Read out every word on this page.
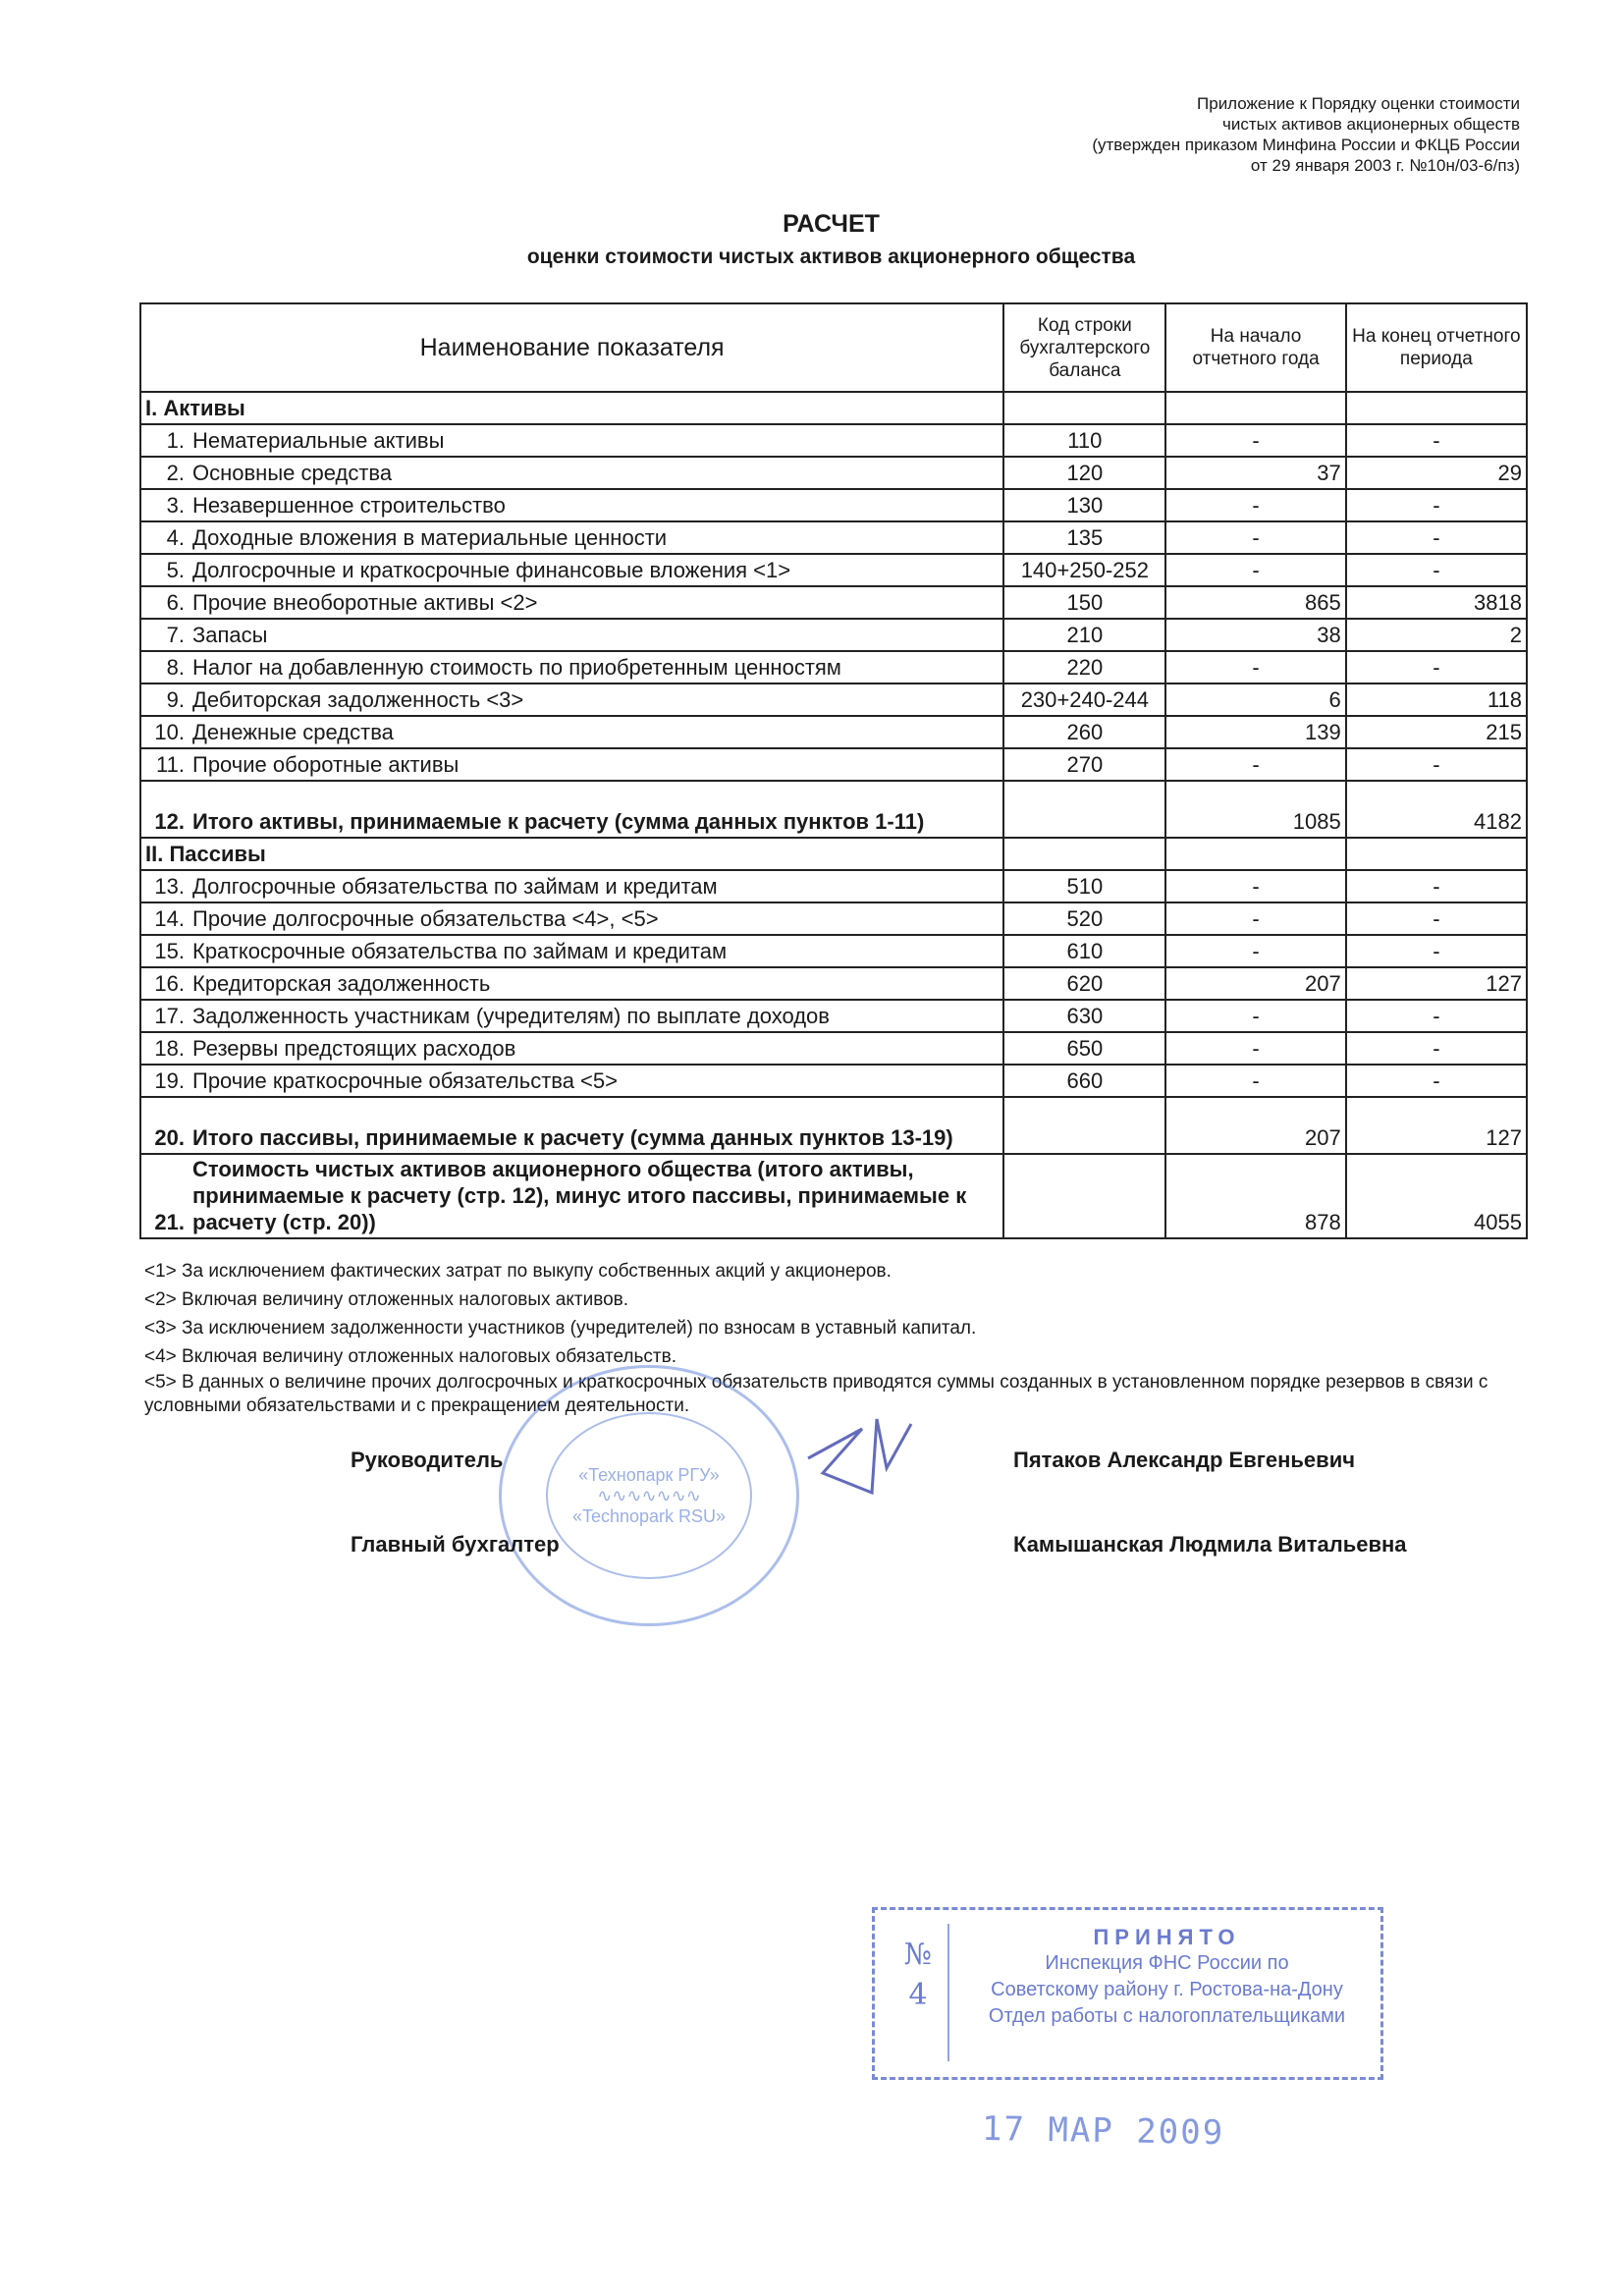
Приложение к Порядку оценки стоимости
чистых активов акционерных обществ
(утвержден приказом Минфина России и ФКЦБ России
от 29 января 2003 г. №10н/03-6/пз)
РАСЧЕТ
оценки стоимости чистых активов акционерного общества
Наименование показателя	Код строки бухгалтерского баланса	На начало отчетного года	На конец отчетного периода
I. Активы			
1. Нематериальные активы	110	-	-
2. Основные средства	120	37	29
3. Незавершенное строительство	130	-	-
4. Доходные вложения в материальные ценности	135	-	-
5. Долгосрочные и краткосрочные финансовые вложения <1>	140+250-252	-	-
6. Прочие внеоборотные активы <2>	150	865	3818
7. Запасы	210	38	2
8. Налог на добавленную стоимость по приобретенным ценностям	220	-	-
9. Дебиторская задолженность <3>	230+240-244	6	118
10. Денежные средства	260	139	215
11. Прочие оборотные активы	270	-	-

12. Итого активы, принимаемые к расчету (сумма данных пунктов 1-11)		1085	4182
II. Пассивы			
13. Долгосрочные обязательства по займам и кредитам	510	-	-
14. Прочие долгосрочные обязательства <4>, <5>	520	-	-
15. Краткосрочные обязательства по займам и кредитам	610	-	-
16. Кредиторская задолженность	620	207	127
17. Задолженность участникам (учредителям) по выплате доходов	630	-	-
18. Резервы предстоящих расходов	650	-	-
19. Прочие краткосрочные обязательства <5>	660	-	-

20. Итого пассивы, принимаемые к расчету (сумма данных пунктов 13-19)		207	127

21.
Стоимость чистых активов акционерного общества (итого активы, принимаемые к расчету (стр. 12), минус итого пассивы, принимаемые к расчету (стр. 20))		878	4055
<1> За исключением фактических затрат по выкупу собственных акций у акционеров.
<2> Включая величину отложенных налоговых активов.
<3> За исключением задолженности участников (учредителей) по взносам в уставный капитал.
<4> Включая величину отложенных налоговых обязательств.
<5> В данных о величине прочих долгосрочных и краткосрочных обязательств приводятся суммы созданных в установленном порядке резервов в связи с условными обязательствами и с прекращением деятельности.
«Технопарк РГУ»
∿∿∿∿∿∿∿
«Technopark RSU»
Руководитель	Пятаков Александр Евгеньевич
Главный бухгалтер	Камышанская Людмила Витальевна
№
4
ПРИНЯТО
Инспекция ФНС России по
Советскому району г. Ростова-на-Дону
Отдел работы с налогоплательщиками
17 МАР 2009
